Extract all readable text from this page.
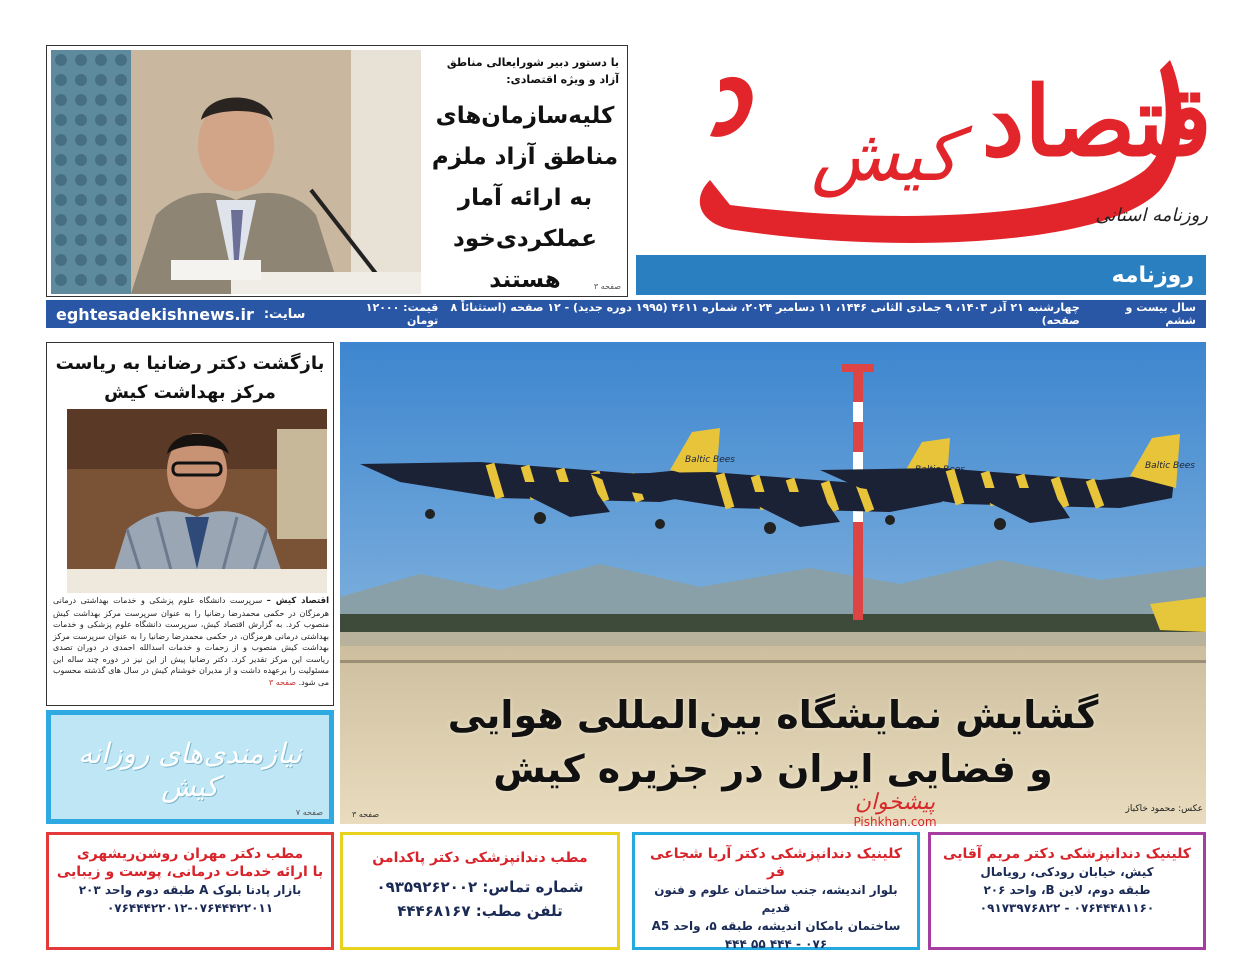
اقتصاد
کیش
روزنامه استانی
روزنامه
با دستور دبیر شورایعالی مناطق آزاد و ویژه اقتصادی:
کلیه‌سازمان‌های مناطق آزاد ملزم به ارائه آمار عملکردی‌خود هستند	صفحه ۳
eghtesadekishnews.ir سایت:	قیمت: ۱۲۰۰۰ تومان
چهارشنبه ۲۱ آذر ۱۴۰۳، ۹ جمادی الثانی ۱۴۴۶، ۱۱ دسامبر ۲۰۲۴، شماره ۴۶۱۱ (۱۹۹۵ دوره جدید) - ۱۲ صفحه (استثنائاً ۸ صفحه)
سال بیست و ششم
بازگشت دکتر رضانیا به ریاست مرکز بهداشت کیش
اقتصاد کیش – سرپرست دانشگاه علوم پزشکی و خدمات بهداشتی درمانی هرمزگان در حکمی محمدرضا رضانیا را به عنوان سرپرست مرکز بهداشت کیش منصوب کرد. به گزارش اقتصاد کیش، سرپرست دانشگاه علوم پزشکی و خدمات بهداشتی درمانی هرمزگان، در حکمی محمدرضا رضانیا را به عنوان سرپرست مرکز بهداشت کیش منصوب و از زحمات و خدمات اسدالله احمدی در دوران تصدی ریاست این مرکز تقدیر کرد. دکتر رضانیا پیش از این نیز در دوره چند ساله این مسئولیت را برعهده داشت و از مدیران خوشنام کیش در سال های گذشته محسوب می شود. صفحه ۳
نیازمندی‌های روزانه کیش
صفحه ۷
Baltic Bees
Baltic Bees
گشایش نمایشگاه بین‌المللی هوایی
و فضایی ایران در جزیره کیش
عکس: محمود خاکباز
صفحه ۳	پیشخوان
Pishkhan.com
مطب دکتر مهران روشن‌ریشهری
با ارائه خدمات درمانی، پوست و زیبایی
بازار پادنا بلوک A طبقه دوم واحد ۲۰۳
۰۷۶۴۴۴۲۲۰۱۲-۰۷۶۴۴۴۲۲۰۱۱
مطب دندانپزشکی دکتر پاکدامن
شماره تماس: ۰۹۳۵۹۲۶۲۰۰۲
تلفن مطب: ۴۴۴۶۸۱۶۷
کلینیک دندانپزشکی دکتر آریا شجاعی فر
بلوار اندیشه، جنب ساختمان علوم و فنون قدیم
ساختمان بامکان اندیشه، طبقه ۵، واحد A5
۰۷۶ - ۴۴۴ ۵۵ ۴۴۴
کلینیک دندانپزشکی دکتر مریم آقایی
کیش، خیابان رودکی، رویامال
طبقه دوم، لاین B، واحد ۲۰۶
۰۷۶۴۴۴۸۱۱۶۰ - ۰۹۱۷۳۹۷۶۸۲۲
